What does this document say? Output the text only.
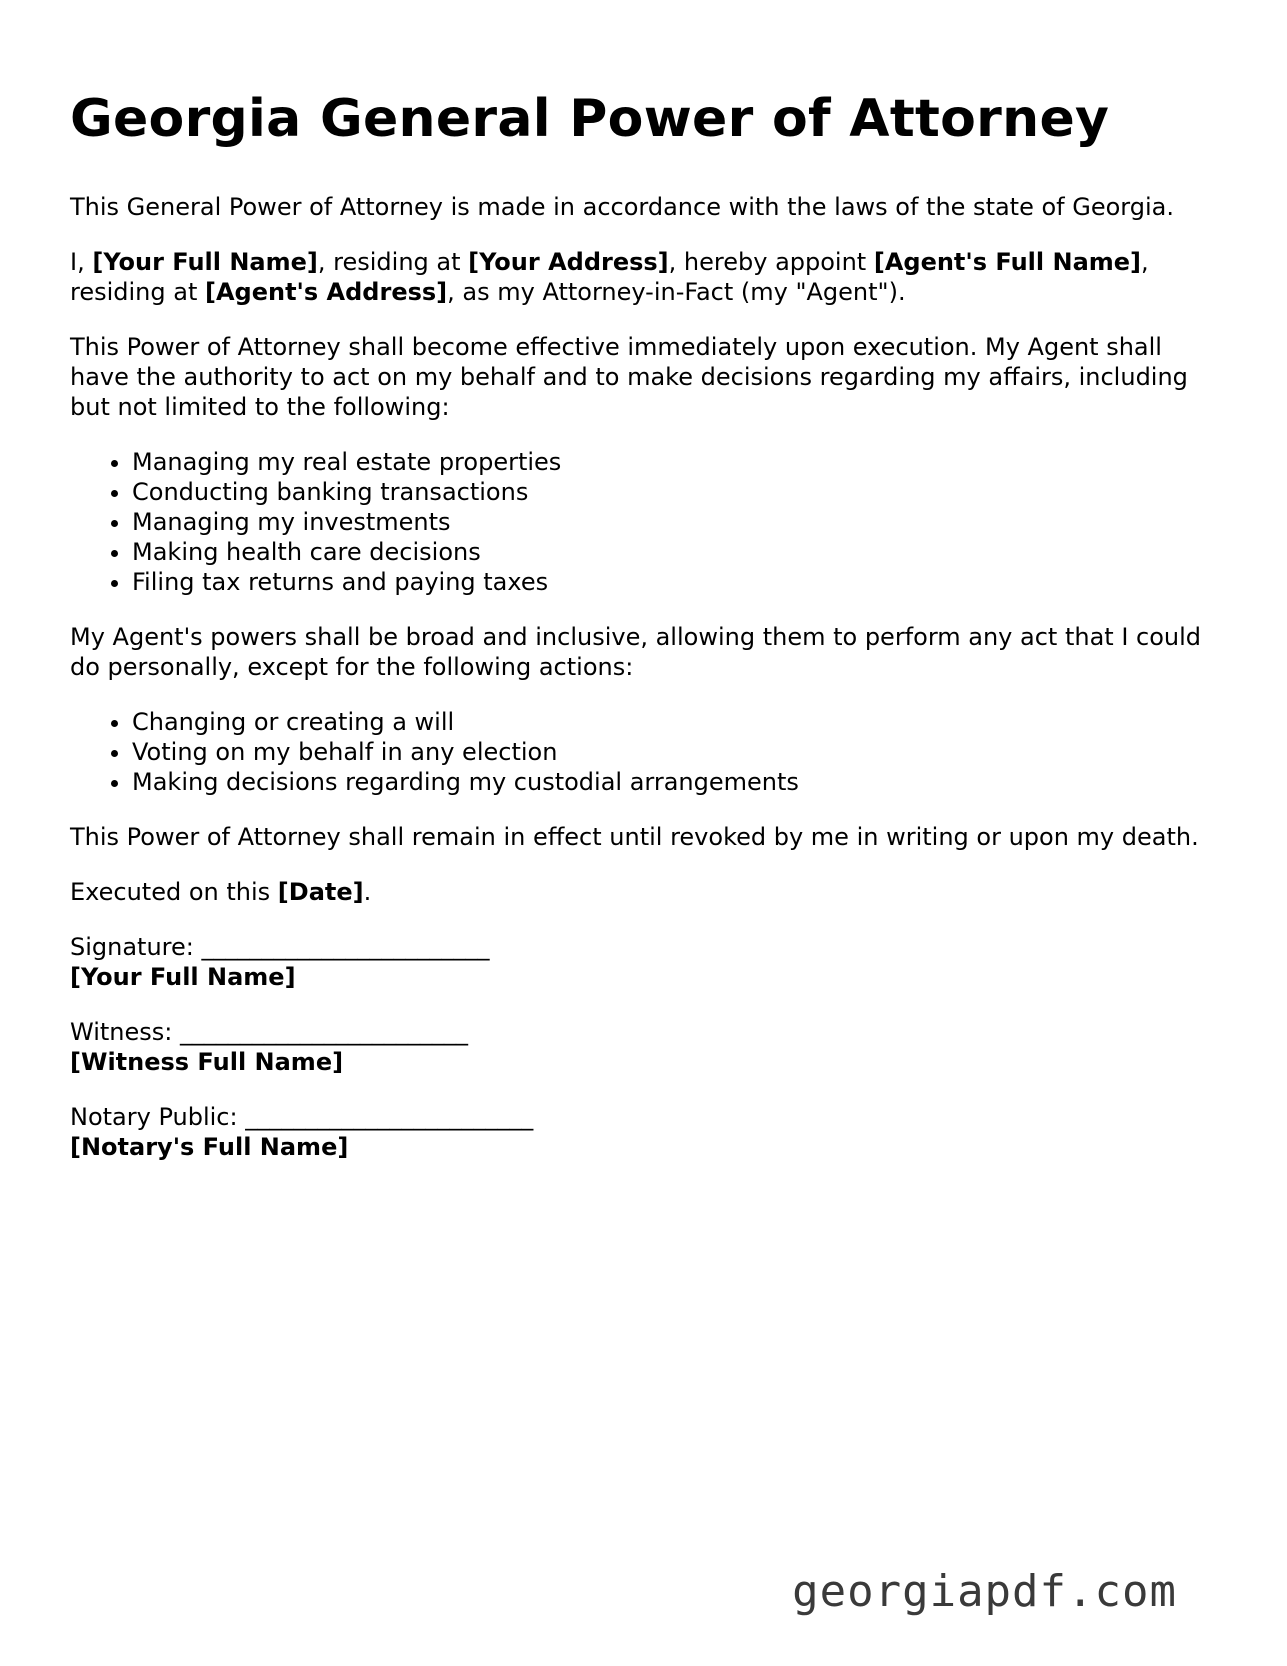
Georgia General Power of Attorney

This General Power of Attorney is made in accordance with the laws of the state of Georgia.

I, [Your Full Name], residing at [Your Address], hereby appoint [Agent's Full Name], residing at [Agent's Address], as my Attorney-in-Fact (my "Agent").

This Power of Attorney shall become effective immediately upon execution. My Agent shall have the authority to act on my behalf and to make decisions regarding my affairs, including but not limited to the following:

• Managing my real estate properties
• Conducting banking transactions
• Managing my investments
• Making health care decisions
• Filing tax returns and paying taxes

My Agent's powers shall be broad and inclusive, allowing them to perform any act that I could do personally, except for the following actions:

• Changing or creating a will
• Voting on my behalf in any election
• Making decisions regarding my custodial arrangements

This Power of Attorney shall remain in effect until revoked by me in writing or upon my death.

Executed on this [Date].

Signature: ________________________
[Your Full Name]
Witness: ________________________
[Witness Full Name]
Notary Public: ________________________
[Notary's Full Name]
georgiapdf.com
